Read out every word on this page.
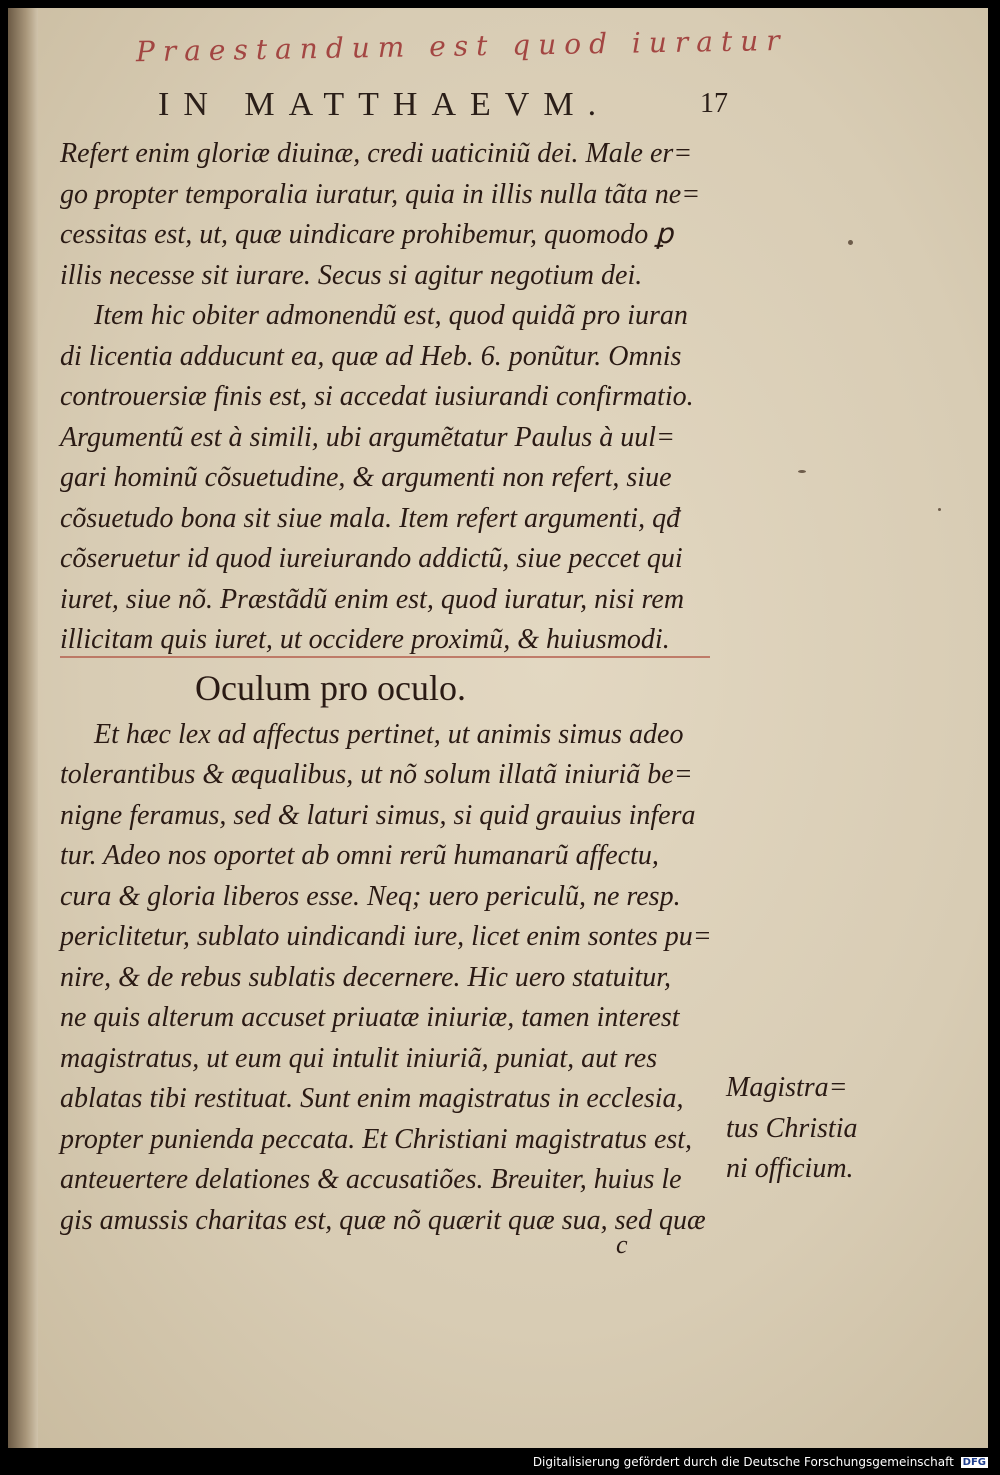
Praestandum est quod iuratur
IN MATTHAEVM.	17
Refert enim gloriæ diuinæ, credi uaticiniũ dei. Male er=
go propter temporalia iuratur, quia in illis nulla tãta ne=
cessitas est, ut, quæ uindicare prohibemur, quomodo ꝑ
illis necesse sit iurare. Secus si agitur negotium dei.
Item hic obiter admonendũ est, quod quidã pro iuran
di licentia adducunt ea, quæ ad Heb. 6. ponũtur. Omnis
controuersiæ finis est, si accedat iusiurandi confirmatio.
Argumentũ est à simili, ubi argumẽtatur Paulus à uul=
gari hominũ cõsuetudine, & argumenti non refert, siue
cõsuetudo bona sit siue mala. Item refert argumenti, qđ
cõseruetur id quod iureiurando addictũ, siue peccet qui
iuret, siue nõ. Præstãdũ enim est, quod iuratur, nisi rem
illicitam quis iuret, ut occidere proximũ, & huiusmodi.
Oculum pro oculo.
Et hæc lex ad affectus pertinet, ut animis simus adeo
tolerantibus & æqualibus, ut nõ solum illatã iniuriã be=
nigne feramus, sed & laturi simus, si quid grauius infera
tur. Adeo nos oportet ab omni rerũ humanarũ affectu,
cura & gloria liberos esse. Neq; uero periculũ, ne resp.
periclitetur, sublato uindicandi iure, licet enim sontes pu=
nire, & de rebus sublatis decernere. Hic uero statuitur,
ne quis alterum accuset priuatæ iniuriæ, tamen interest
magistratus, ut eum qui intulit iniuriã, puniat, aut res
ablatas tibi restituat. Sunt enim magistratus in ecclesia,
propter punienda peccata. Et Christiani magistratus est,
anteuertere delationes & accusatiões. Breuiter, huius le
gis amussis charitas est, quæ nõ quærit quæ sua, sed quæ
Magistra=
tus Christia
ni officium.
c
Digitalisierung gefördert durch die Deutsche Forschungsgemeinschaft DFG
